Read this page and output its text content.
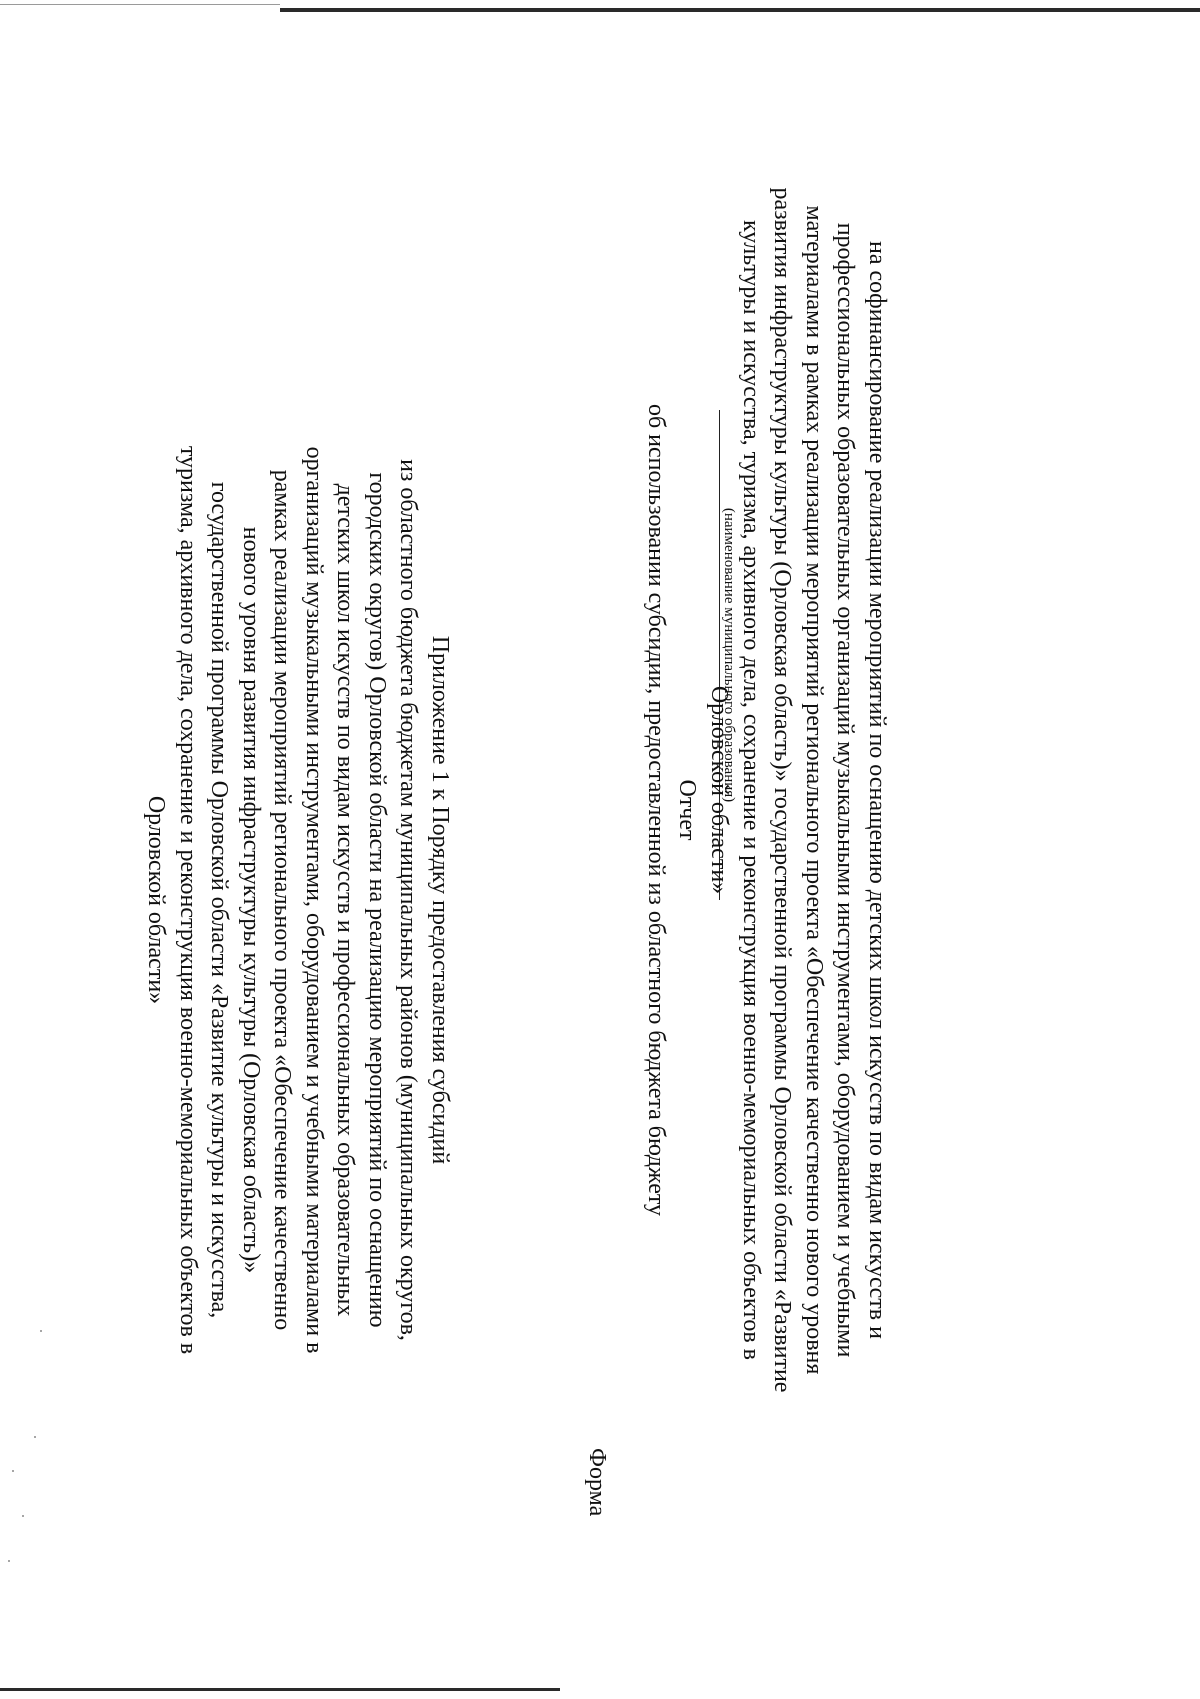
Приложение 1 к Порядку предоставления субсидий
из областного бюджета бюджетам муниципальных районов (муниципальных округов,
городских округов) Орловской области на реализацию мероприятий по оснащению
детских школ искусств по видам искусств и профессиональных образовательных
организаций музыкальными инструментами, оборудованием и учебными материалами в
рамках реализации мероприятий регионального проекта «Обеспечение качественно
нового уровня развития инфраструктуры культуры (Орловская область)»
государственной программы Орловской области «Развитие культуры и искусства,
туризма, архивного дела, сохранение и реконструкция военно-мемориальных объектов в
Орловской области»
Форма
Отчет
об использовании субсидии, предоставленной из областного бюджета бюджету	(наименование муниципального образования)	на софинансирование реализации мероприятий по оснащению детских школ искусств по видам искусств и
профессиональных образовательных организаций музыкальными инструментами, оборудованием и учебными
материалами в рамках реализации мероприятий регионального проекта «Обеспечение качественно нового уровня
развития инфраструктуры культуры (Орловская область)» государственной программы Орловской области «Развитие
культуры и искусства, туризма, архивного дела, сохранение и реконструкция военно-мемориальных объектов в
Орловской области»
